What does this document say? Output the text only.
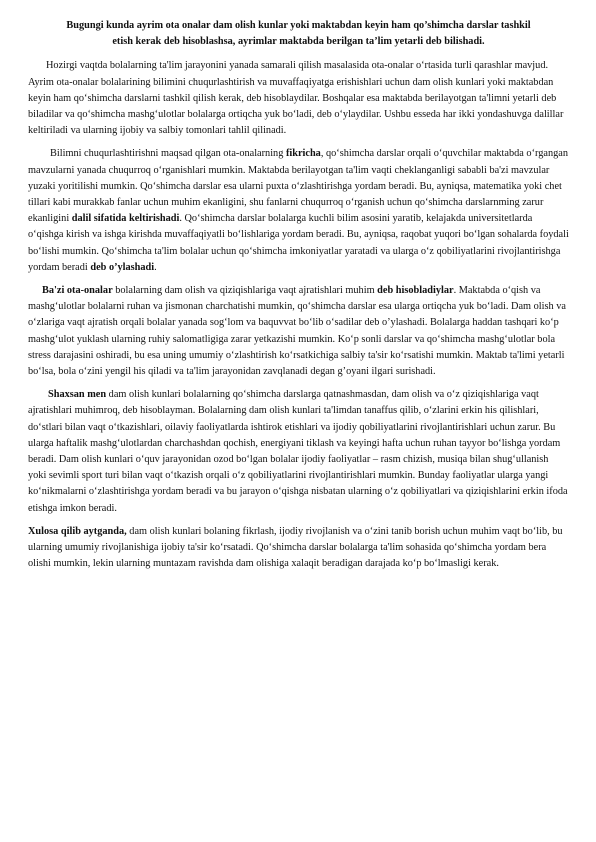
Bugungi kunda ayrim ota onalar dam olish kunlar yoki maktabdan keyin ham qo’shimcha darslar tashkil etish kerak deb hisoblashsa, ayrimlar maktabda berilgan ta’lim yetarli deb bilishadi.

Hozirgi vaqtda bolalarning ta'lim jarayonini yanada samarali qilish masalasida ota-onalar o‘rtasida turli qarashlar mavjud. Ayrim ota-onalar bolalarining bilimini chuqurlashtirish va muvaffaqiyatga erishishlari uchun dam olish kunlari yoki maktabdan keyin ham qo‘shimcha darslarni tashkil qilish kerak, deb hisoblaydilar. Boshqalar esa maktabda berilayotgan ta'limni yetarli deb biladilar va qo‘shimcha mashg‘ulotlar bolalarga ortiqcha yuk bo‘ladi, deb o‘ylaydilar. Ushbu esseda har ikki yondashuvga dalillar keltiriladi va ularning ijobiy va salbiy tomonlari tahlil qilinadi.

Bilimni chuqurlashtirishni maqsad qilgan ota-onalarning fikricha, qo‘shimcha darslar orqali o‘quvchilar maktabda o‘rgangan mavzularni yanada chuqurroq o‘rganishlari mumkin. Maktabda berilayotgan ta'lim vaqti cheklanganligi sababli ba'zi mavzular yuzaki yoritilishi mumkin. Qo‘shimcha darslar esa ularni puxta o‘zlashtirishga yordam beradi. Bu, ayniqsa, matematika yoki chet tillari kabi murakkab fanlar uchun muhim ekanligini, shu fanlarni chuqurroq o‘rganish uchun qo‘shimcha darslarnming zarur ekanligini dalil sifatida keltirishadi. Qo‘shimcha darslar bolalarga kuchli bilim asosini yaratib, kelajakda universitetlarda o‘qishga kirish va ishga kirishda muvaffaqiyatli bo‘lishlariga yordam beradi. Bu, ayniqsa, raqobat yuqori bo‘lgan sohalarda foydali bo‘lishi mumkin. Qo‘shimcha ta'lim bolalar uchun qo‘shimcha imkoniyatlar yaratadi va ularga o‘z qobiliyatlarini rivojlantirishga yordam beradi deb o’ylashadi.

Ba'zi ota-onalar bolalarning dam olish va qiziqishlariga vaqt ajratishlari muhim deb hisobladiylar. Maktabda o‘qish va mashg‘ulotlar bolalarni ruhan va jismonan charchatishi mumkin, qo‘shimcha darslar esa ularga ortiqcha yuk bo‘ladi. Dam olish va o‘zlariga vaqt ajratish orqali bolalar yanada sog‘lom va baquvvat bo‘lib o‘sadilar deb o’ylashadi. Bolalarga haddan tashqari ko‘p mashg‘ulot yuklash ularning ruhiy salomatligiga zarar yetkazishi mumkin. Ko‘p sonli darslar va qo‘shimcha mashg‘ulotlar bola stress darajasini oshiradi, bu esa uning umumiy o‘zlashtirish ko‘rsatkichiga salbiy ta'sir ko‘rsatishi mumkin. Maktab ta'limi yetarli bo‘lsa, bola o‘zini yengil his qiladi va ta'lim jarayonidan zavqlanadi degan g’oyani ilgari surishadi.

Shaxsan men dam olish kunlari bolalarning qo‘shimcha darslarga qatnashmasdan, dam olish va o‘z qiziqishlariga vaqt ajratishlari muhimroq, deb hisoblayman. Bolalarning dam olish kunlari ta'limdan tanaffus qilib, o‘zlarini erkin his qilishlari, do‘stlari bilan vaqt o‘tkazishlari, oilaviy faoliyatlarda ishtirok etishlari va ijodiy qobiliyatlarini rivojlantirishlari uchun zarur. Bu ularga haftalik mashg‘ulotlardan charchashdan qochish, energiyani tiklash va keyingi hafta uchun ruhan tayyor bo‘lishga yordam beradi. Dam olish kunlari o‘quv jarayonidan ozod bo‘lgan bolalar ijodiy faoliyatlar – rasm chizish, musiqa bilan shug‘ullanish yoki sevimli sport turi bilan vaqt o‘tkazish orqali o‘z qobiliyatlarini rivojlantirishlari mumkin. Bunday faoliyatlar ularga yangi ko‘nikmalarni o‘zlashtirishga yordam beradi va bu jarayon o‘qishga nisbatan ularning o‘z qobiliyatlari va qiziqishlarini erkin ifoda etishga imkon beradi.

Xulosa qilib aytganda, dam olish kunlari bolaning fikrlash, ijodiy rivojlanish va o‘zini tanib borish uchun muhim vaqt bo‘lib, bu ularning umumiy rivojlanishiga ijobiy ta'sir ko‘rsatadi. Qo‘shimcha darslar bolalarga ta'lim sohasida qo‘shimcha yordam bera olishi mumkin, lekin ularning muntazam ravishda dam olishiga xalaqit beradigan darajada ko‘p bo‘lmasligi kerak.
